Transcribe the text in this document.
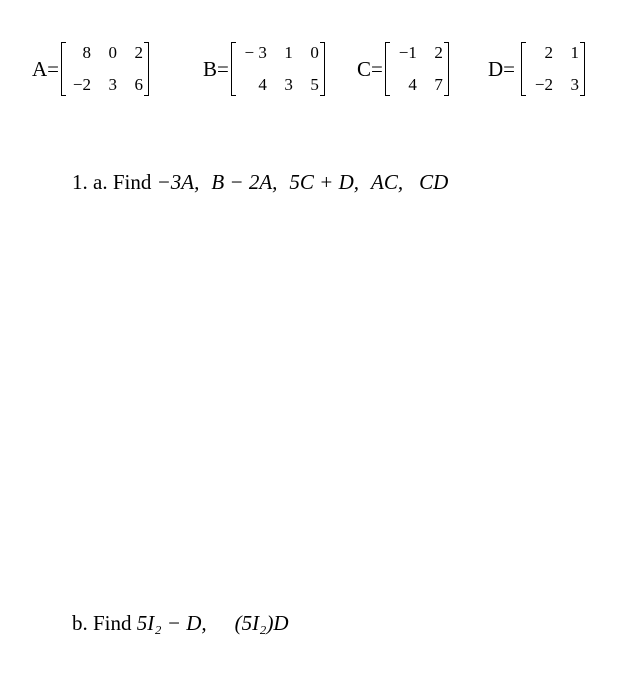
A=
8	0	2
−2	3	6
B=
− 3	1	0
4	3	5
C=
−1	2
4	7
D=
2	1
−2	3
1. a. Find −3A, B − 2A, 5C + D, AC, CD
b. Find 5I₂ − D, (5I₂)D
